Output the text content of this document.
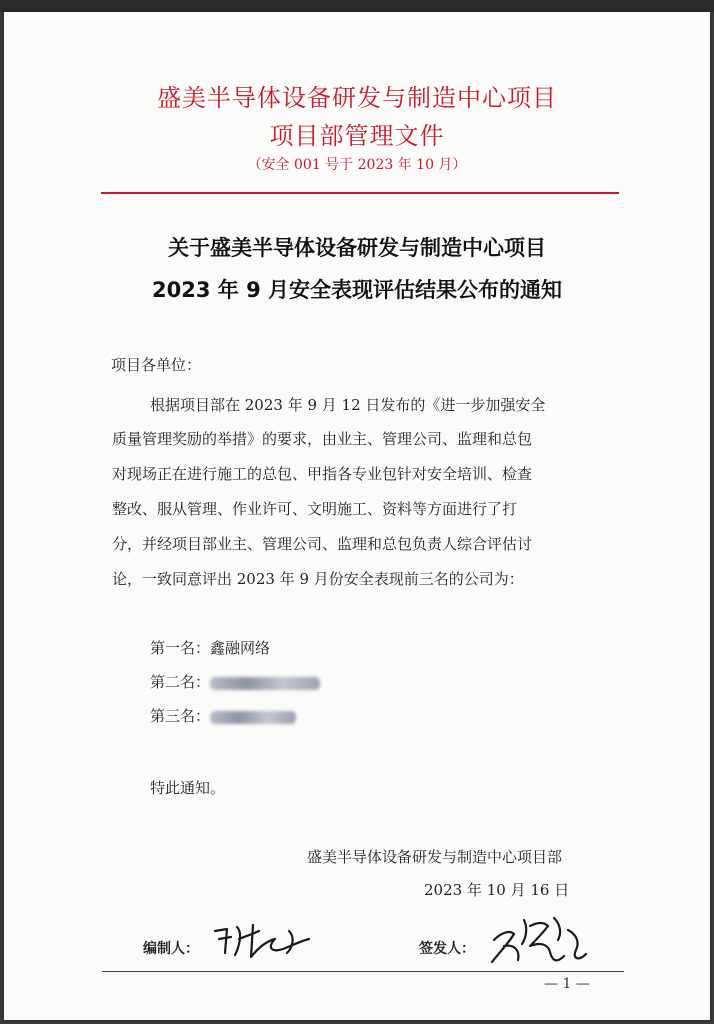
盛美半导体设备研发与制造中心项目
项目部管理文件
（安全 001 号于 2023 年 10 月）
关于盛美半导体设备研发与制造中心项目
2023 年 9 月安全表现评估结果公布的通知
项目各单位：
根据项目部在 2023 年 9 月 12 日发布的《进一步加强安全
质量管理奖励的举措》的要求，由业主、管理公司、监理和总包
对现场正在进行施工的总包、甲指各专业包针对安全培训、检查
整改、服从管理、作业许可、文明施工、资料等方面进行了打
分，并经项目部业主、管理公司、监理和总包负责人综合评估讨
论，一致同意评出 2023 年 9 月份安全表现前三名的公司为：
第一名：鑫融网络
第二名：
第三名：
特此通知。
盛美半导体设备研发与制造中心项目部
2023 年 10 月 16 日
编制人：	签发人：
— 1 —
